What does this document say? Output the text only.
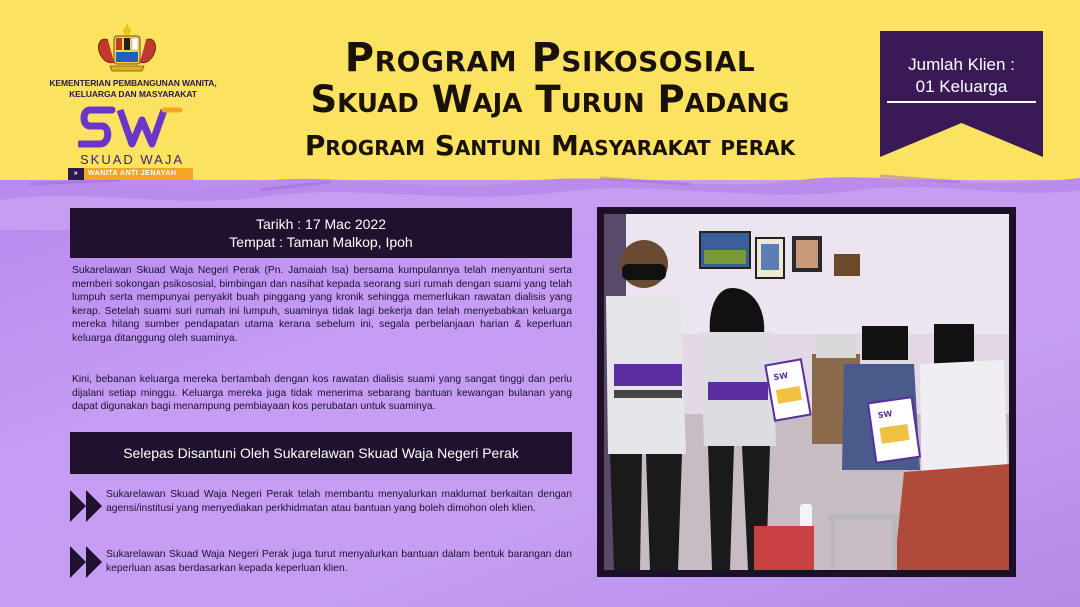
KEMENTERIAN PEMBANGUNAN WANITA,
KELUARGA DAN MASYARAKAT
SKUAD WAJA
»	WANITA ANTI JENAYAH
Program Psikososial
Skuad Waja Turun Padang
Program Santuni Masyarakat perak
Jumlah Klien :
01 Keluarga
Tarikh : 17 Mac 2022
Tempat : Taman Malkop, Ipoh

Sukarelawan Skuad Waja Negeri Perak (Pn. Jamaiah Isa) bersama kumpulannya telah menyantuni serta memberi sokongan psikososial, bimbingan dan nasihat kepada seorang suri rumah dengan suami yang telah lumpuh serta mempunyai penyakit buah pinggang yang kronik sehingga memerlukan rawatan dialisis yang kerap. Setelah suami suri rumah ini lumpuh, suaminya tidak lagi bekerja dan telah menyebabkan keluarga mereka hilang sumber pendapatan utama kerana sebelum ini, segala perbelanjaan harian & keperluan keluarga ditanggung oleh suaminya.

Kini, bebanan keluarga mereka bertambah dengan kos rawatan dialisis suami yang sangat tinggi dan perlu dijalani setiap minggu. Keluarga mereka juga tidak menerima sebarang bantuan kewangan bulanan yang dapat digunakan bagi menampung pembiayaan kos perubatan untuk suaminya.

Selepas Disantuni Oleh Sukarelawan Skuad Waja Negeri Perak

Sukarelawan Skuad Waja Negeri Perak telah membantu menyalurkan maklumat berkaitan dengan agensi/institusi yang menyediakan perkhidmatan atau bantuan yang boleh dimohon oleh klien.

Sukarelawan Skuad Waja Negeri Perak juga turut menyalurkan bantuan dalam bentuk barangan dan keperluan asas berdasarkan kepada keperluan klien.

SW
SW
